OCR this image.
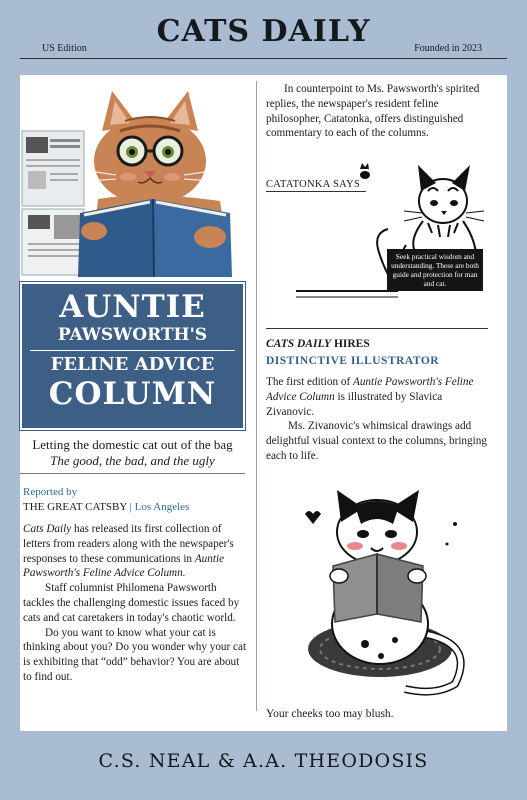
CATS DAILY
US Edition	Founded in 2023
AUNTIE
PAWSWORTH'S
FELINE ADVICE
COLUMN
Letting the domestic cat out of the bag
The good, the bad, and the ugly
Reported by
THE GREAT CATSBY | Los Angeles

Cats Daily has released its first collection of letters from readers along with the newspaper's responses to these communications in Auntie Pawsworth's Feline Advice Column.

Staff columnist Philomena Pawsworth tackles the challenging domestic issues faced by cats and cat caretakers in today's chaotic world.

Do you want to know what your cat is thinking about you? Do you wonder why your cat is exhibiting that “odd” behavior? You are about to find out.

In counterpoint to Ms. Pawsworth's spirited replies, the newspaper's resident feline philosopher, Catatonka, offers distinguished commentary to each of the columns.

CATATONKA SAYS
Seek practical wisdom and understanding. These are both guide and protection for man and cat.
CATS DAILY HIRES
DISTINCTIVE ILLUSTRATOR

The first edition of Auntie Pawsworth's Feline Advice Column is illustrated by Slavica Zivanovic.

Ms. Zivanovic's whimsical drawings add delightful visual context to the columns, bringing each to life.

Your cheeks too may blush.
C.S. NEAL & A.A. THEODOSIS
